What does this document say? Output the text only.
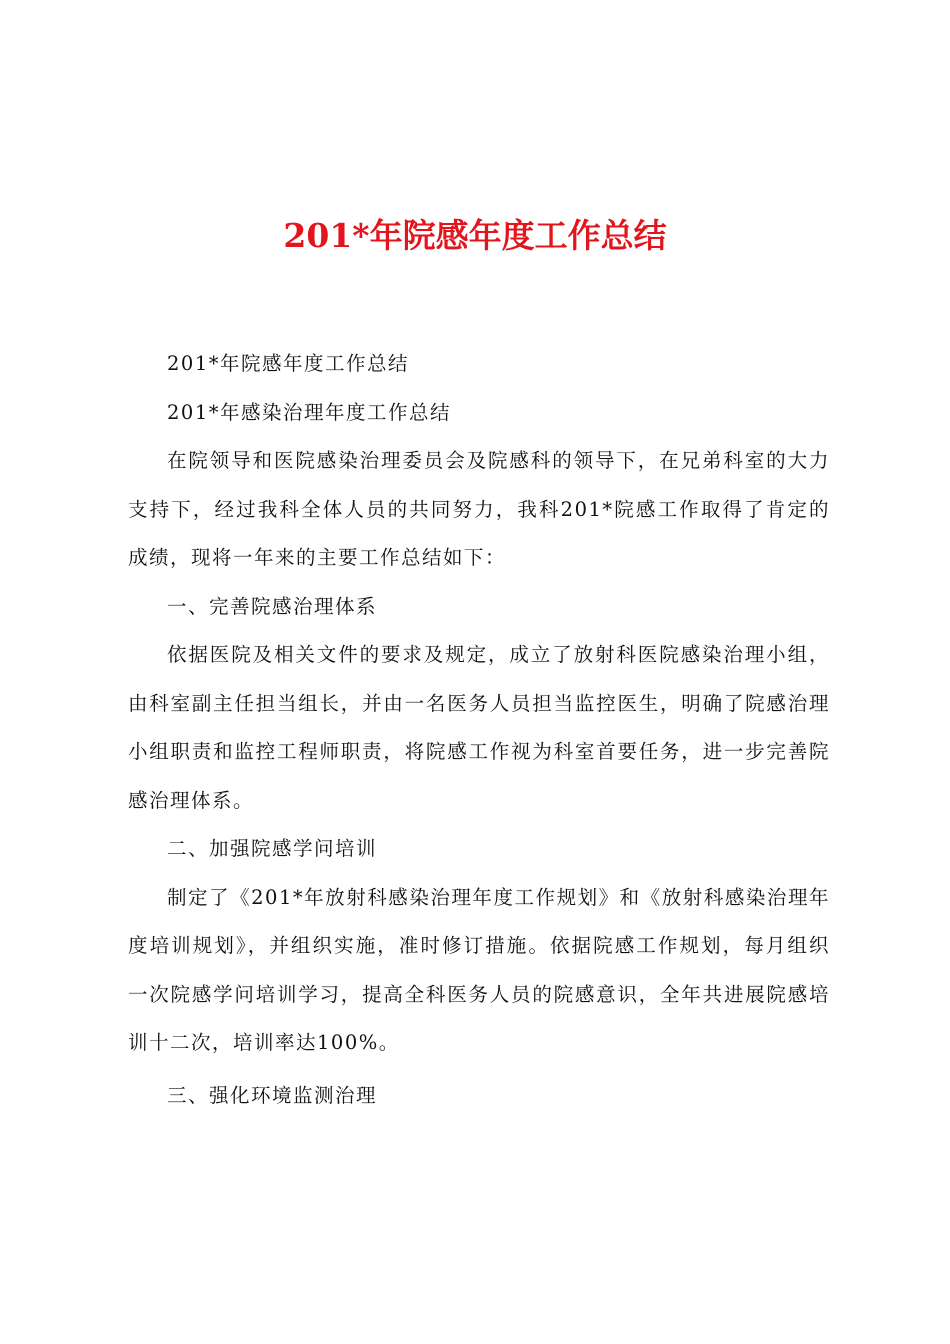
201*年院感年度工作总结

201*年院感年度工作总结

201*年感染治理年度工作总结

在院领导和医院感染治理委员会及院感科的领导下，在兄弟科室的大力支持下，经过我科全体人员的共同努力，我科201*院感工作取得了肯定的成绩，现将一年来的主要工作总结如下：

一、完善院感治理体系

依据医院及相关文件的要求及规定，成立了放射科医院感染治理小组，由科室副主任担当组长，并由一名医务人员担当监控医生，明确了院感治理小组职责和监控工程师职责，将院感工作视为科室首要任务，进一步完善院感治理体系。

二、加强院感学问培训

制定了《201*年放射科感染治理年度工作规划》和《放射科感染治理年度培训规划》，并组织实施，准时修订措施。依据院感工作规划，每月组织一次院感学问培训学习，提高全科医务人员的院感意识，全年共进展院感培训十二次，培训率达100%。

三、强化环境监测治理
